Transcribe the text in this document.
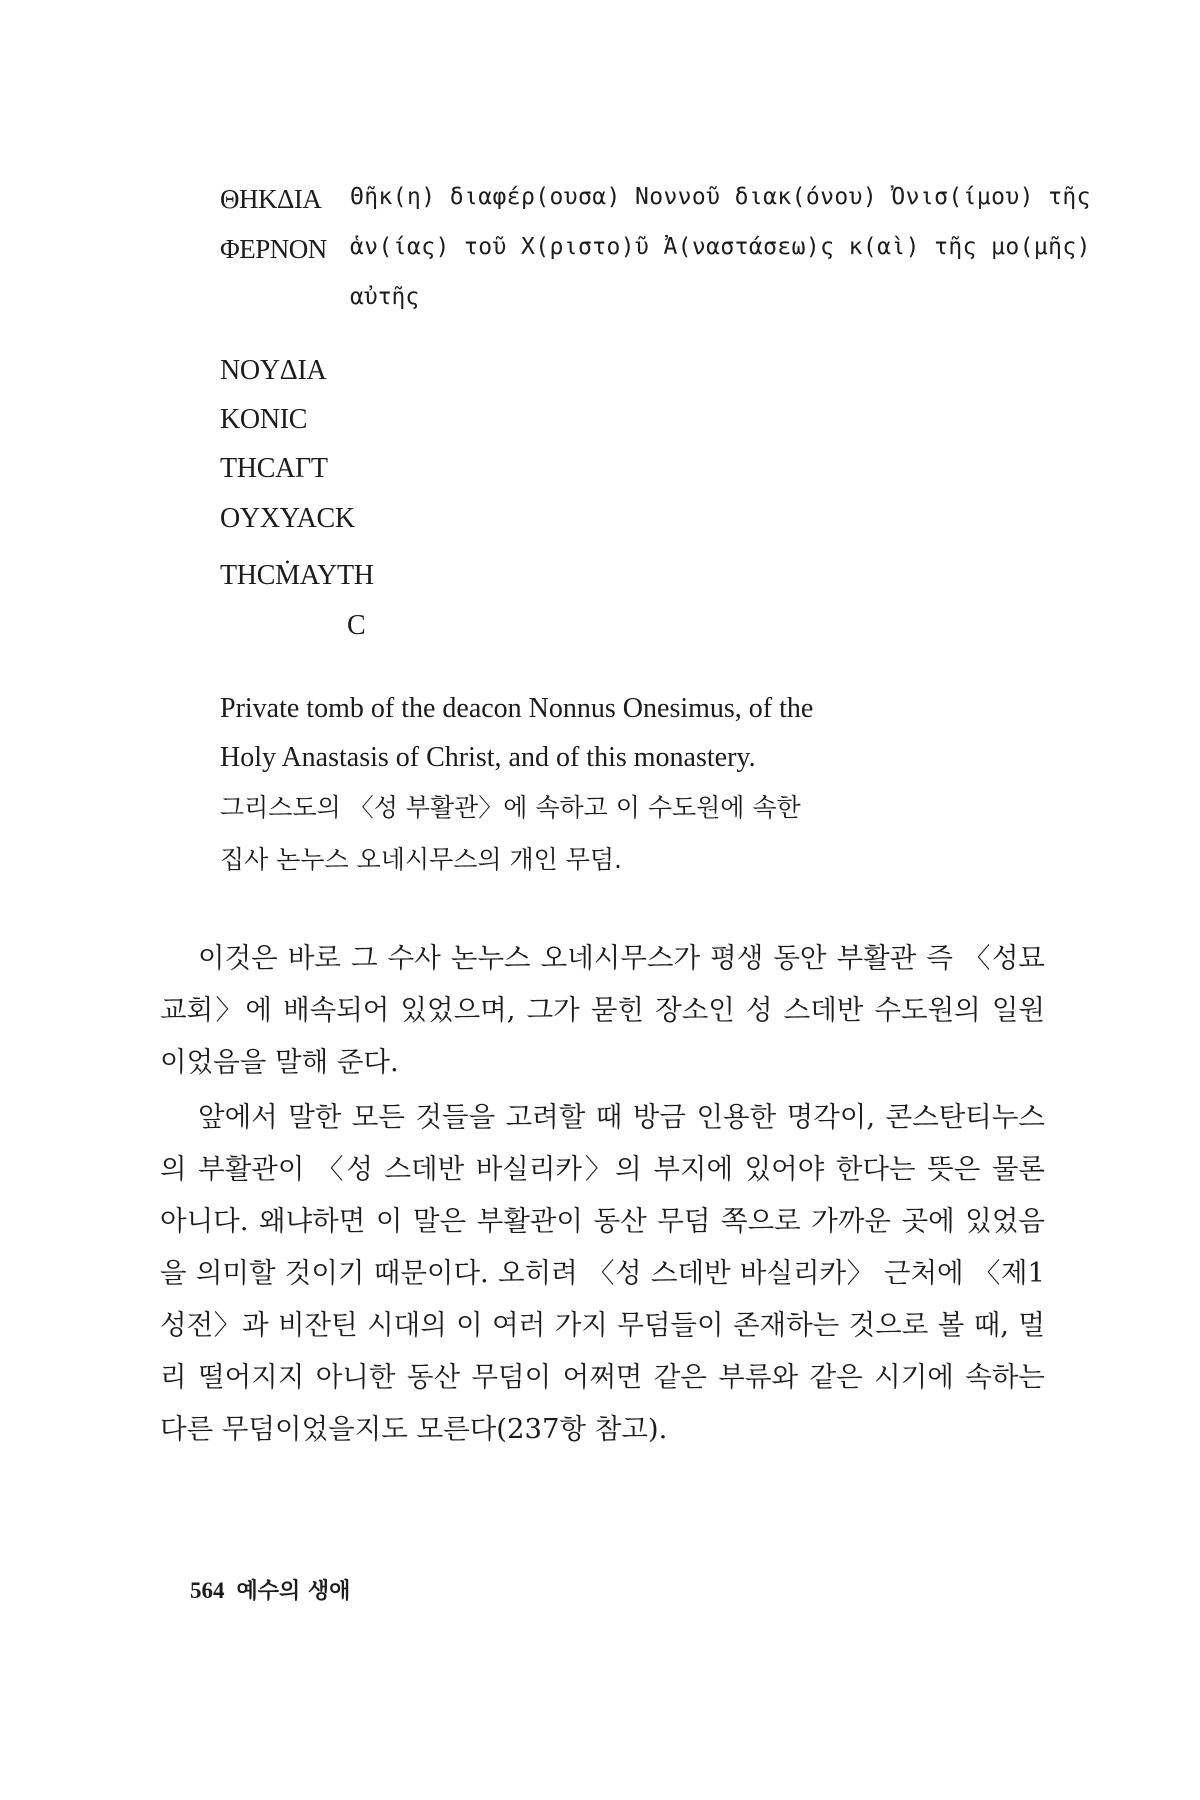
ΘHKΔIA	Θῆκ(η) διαφέρ(ουσα) Νοννοῦ διακ(όνου) Ὀνισ(ίμου) τῆς
ΦEPNON	ἁν(ίας) τοῦ Χ(ριστο)ῦ Ἀ(ναστάσεω)ς κ(αὶ) τῆς μο(μῆς)
αὐτῆς
NOYΔIA
KONIC
THCAΓT
OYXYACK
THCṀAYTH
C
Private tomb of the deacon Nonnus Onesimus, of the
Holy Anastasis of Christ, and of this monastery.
그리스도의 〈성 부활관〉에 속하고 이 수도원에 속한
집사 논누스 오네시무스의 개인 무덤.

이것은 바로 그 수사 논누스 오네시무스가 평생 동안 부활관 즉 〈성묘 교회〉에 배속되어 있었으며, 그가 묻힌 장소인 성 스데반 수도원의 일원이었음을 말해 준다.

앞에서 말한 모든 것들을 고려할 때 방금 인용한 명각이, 콘스탄티누스의 부활관이 〈성 스데반 바실리카〉의 부지에 있어야 한다는 뜻은 물론 아니다. 왜냐하면 이 말은 부활관이 동산 무덤 쪽으로 가까운 곳에 있었음을 의미할 것이기 때문이다. 오히려 〈성 스데반 바실리카〉 근처에 〈제1 성전〉과 비잔틴 시대의 이 여러 가지 무덤들이 존재하는 것으로 볼 때, 멀리 떨어지지 아니한 동산 무덤이 어쩌면 같은 부류와 같은 시기에 속하는 다른 무덤이었을지도 모른다(237항 참고).

564 예수의 생애
